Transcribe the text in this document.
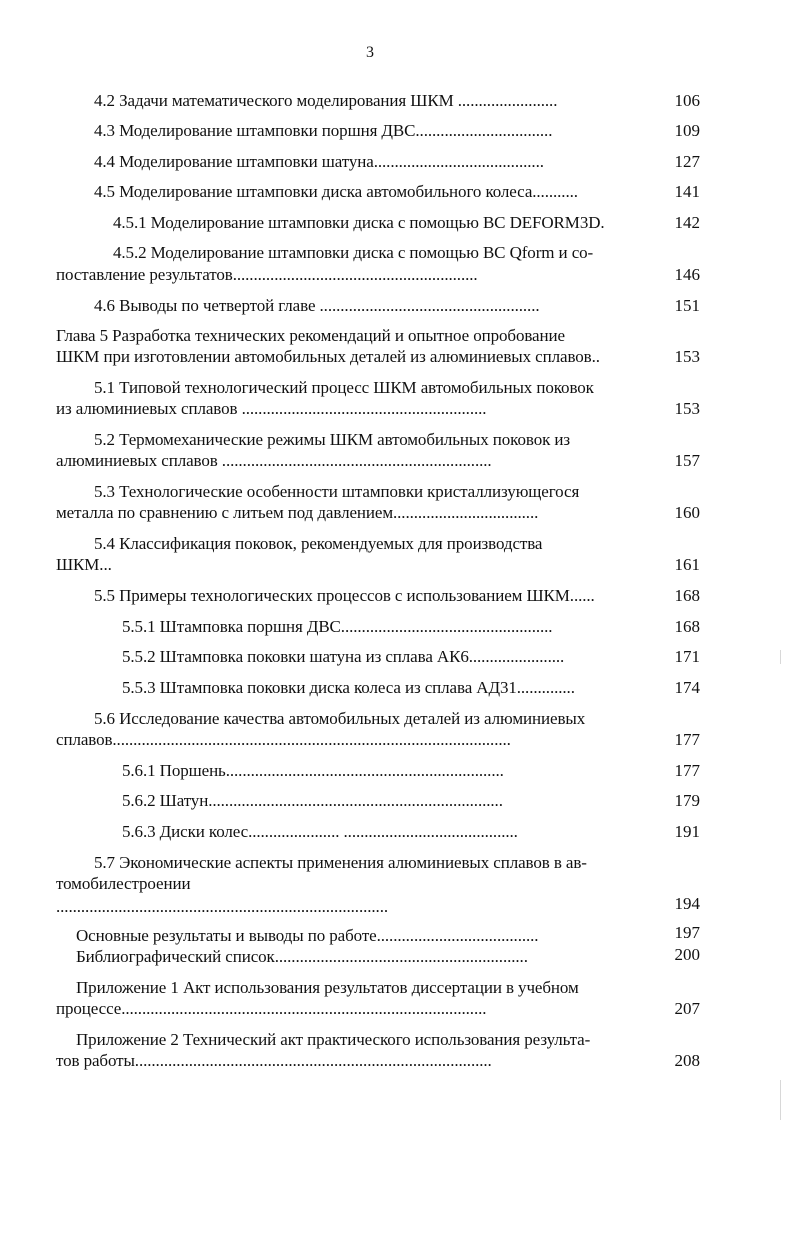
3
4.2 Задачи математического моделирования ШКМ ........................	106
4.3 Моделирование штамповки поршня ДВС.................................	109
4.4 Моделирование штамповки шатуна.........................................	127
4.5 Моделирование штамповки диска автомобильного колеса...........	141
4.5.1 Моделирование штамповки диска с помощью ВС DEFORM3D.	142
4.5.2 Моделирование штамповки диска с помощью ВС Qform и со-
поставление результатов...........................................................	146
4.6 Выводы по четвертой главе .....................................................	151
Глава 5 Разработка технических рекомендаций и опытное опробование
ШКМ при изготовлении автомобильных деталей из алюминиевых сплавов..	153
5.1 Типовой технологический процесс ШКМ автомобильных поковок
из алюминиевых сплавов ...........................................................	153
5.2 Термомеханические режимы ШКМ автомобильных поковок из
алюминиевых сплавов .................................................................	157
5.3 Технологические особенности штамповки кристаллизующегося
металла по сравнению с литьем под давлением...................................	160
5.4 Классификация поковок, рекомендуемых для производства
ШКМ...	161
5.5 Примеры технологических процессов с использованием ШКМ......	168
5.5.1 Штамповка поршня ДВС...................................................	168
5.5.2 Штамповка поковки шатуна из сплава АК6.......................	171
5.5.3 Штамповка поковки диска колеса из сплава АД31..............	174
5.6 Исследование качества автомобильных деталей из алюминиевых
сплавов................................................................................................	177
5.6.1 Поршень...................................................................	177
5.6.2 Шатун.......................................................................	179
5.6.3 Диски колес...................... ..........................................	191
5.7 Экономические аспекты применения алюминиевых сплавов в ав-
томобилестроении
................................................................................	194
Основные результаты и выводы по работе.......................................	197
Библиографический список.............................................................	200
Приложение 1 Акт использования результатов диссертации в учебном
процессе........................................................................................	207
Приложение 2 Технический акт практического использования результа-
тов работы......................................................................................	208
